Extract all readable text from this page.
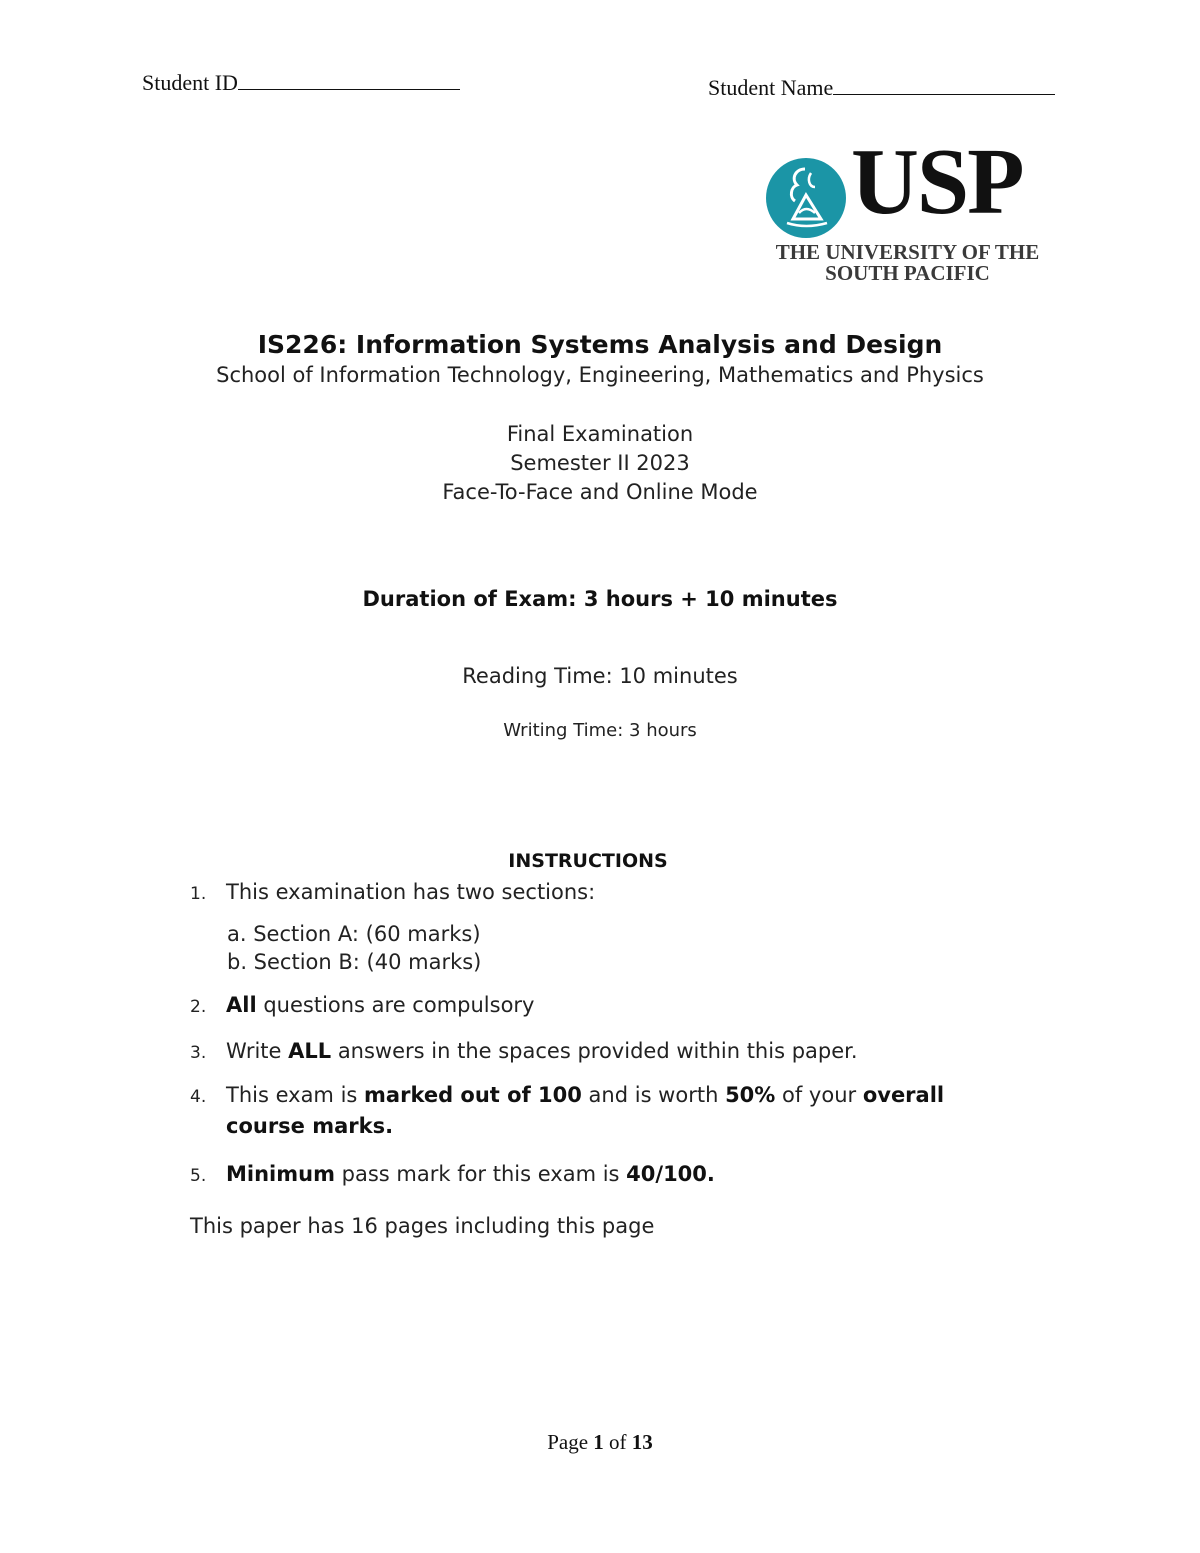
Student ID	Student Name
USP
THE UNIVERSITY OF THE
SOUTH PACIFIC
IS226: Information Systems Analysis and Design
School of Information Technology, Engineering, Mathematics and Physics
Final Examination
Semester II 2023
Face-To-Face and Online Mode
Duration of Exam: 3 hours + 10 minutes
Reading Time: 10 minutes
Writing Time: 3 hours
INSTRUCTIONS
1. This examination has two sections:
a. Section A: (60 marks)
b. Section B: (40 marks)
2. All questions are compulsory
3. Write ALL answers in the spaces provided within this paper.
4. This exam is marked out of 100 and is worth 50% of your overall
course marks.
5. Minimum pass mark for this exam is 40/100.
This paper has 16 pages including this page
Page 1 of 13
